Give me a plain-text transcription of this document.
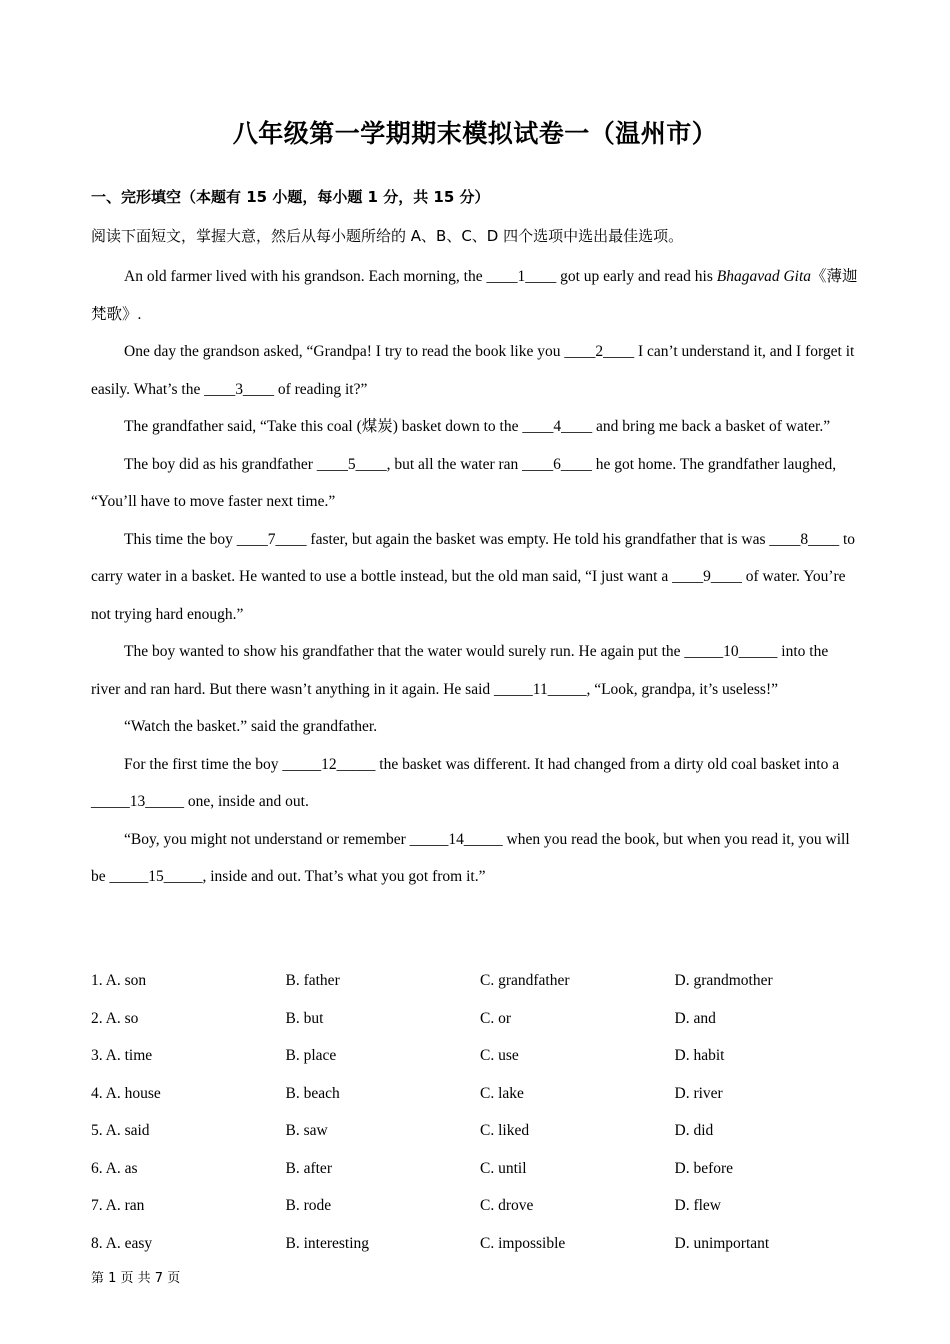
八年级第一学期期末模拟试卷一（温州市）
一、完形填空（本题有 15 小题，每小题 1 分，共 15 分）
阅读下面短文，掌握大意，然后从每小题所给的 A、B、C、D 四个选项中选出最佳选项。

An old farmer lived with his grandson. Each morning, the ____1____ got up early and read his Bhagavad Gita《薄迦梵歌》.

One day the grandson asked, “Grandpa! I try to read the book like you ____2____ I can’t understand it, and I forget it easily. What’s the ____3____ of reading it?”

The grandfather said, “Take this coal (煤炭) basket down to the ____4____ and bring me back a basket of water.”

The boy did as his grandfather ____5____, but all the water ran ____6____ he got home. The grandfather laughed, “You’ll have to move faster next time.”

This time the boy ____7____ faster, but again the basket was empty. He told his grandfather that is was ____8____ to carry water in a basket. He wanted to use a bottle instead, but the old man said, “I just want a ____9____ of water. You’re not trying hard enough.”

The boy wanted to show his grandfather that the water would surely run. He again put the _____10_____ into the river and ran hard. But there wasn’t anything in it again. He said _____11_____, “Look, grandpa, it’s useless!”

“Watch the basket.” said the grandfather.

For the first time the boy _____12_____ the basket was different. It had changed from a dirty old coal basket into a _____13_____ one, inside and out.

“Boy, you might not understand or remember _____14_____ when you read the book, but when you read it, you will be _____15_____, inside and out. That’s what you got from it.”

1. A. son	B. father	C. grandfather	D. grandmother
2. A. so	B. but	C. or	D. and
3. A. time	B. place	C. use	D. habit
4. A. house	B. beach	C. lake	D. river
5. A. said	B. saw	C. liked	D. did
6. A. as	B. after	C. until	D. before
7. A. ran	B. rode	C. drove	D. flew
8. A. easy	B. interesting	C. impossible	D. unimportant
第 1 页 共 7 页
